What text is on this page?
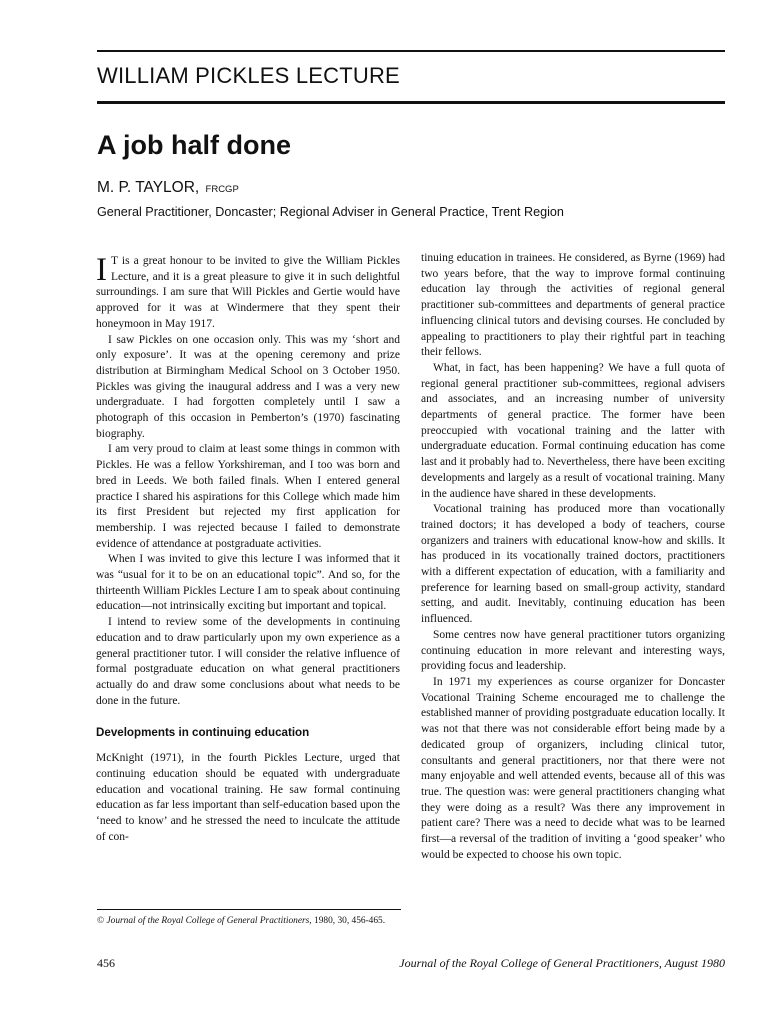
WILLIAM PICKLES LECTURE
A job half done
M. P. TAYLOR, FRCGP
General Practitioner, Doncaster; Regional Adviser in General Practice, Trent Region

I T is a great honour to be invited to give the William Pickles Lecture, and it is a great pleasure to give it in such delightful surroundings. I am sure that Will Pickles and Gertie would have approved for it was at Windermere that they spent their honeymoon in May 1917.

I saw Pickles on one occasion only. This was my ‘short and only exposure’. It was at the opening ceremony and prize distribution at Birmingham Medical School on 3 October 1950. Pickles was giving the inaugural address and I was a very new undergraduate. I had forgotten completely until I saw a photograph of this occasion in Pemberton’s (1970) fascinating biography.

I am very proud to claim at least some things in common with Pickles. He was a fellow Yorkshireman, and I too was born and bred in Leeds. We both failed finals. When I entered general practice I shared his aspirations for this College which made him its first President but rejected my first application for membership. I was rejected because I failed to demonstrate evidence of attendance at postgraduate activities.

When I was invited to give this lecture I was informed that it was “usual for it to be on an educational topic”. And so, for the thirteenth William Pickles Lecture I am to speak about continuing education—not intrinsically exciting but important and topical.

I intend to review some of the developments in continuing education and to draw particularly upon my own experience as a general practitioner tutor. I will consider the relative influence of formal postgraduate education on what general practitioners actually do and draw some conclusions about what needs to be done in the future.

Developments in continuing education

McKnight (1971), in the fourth Pickles Lecture, urged that continuing education should be equated with undergraduate education and vocational training. He saw formal continuing education as far less important than self-education based upon the ‘need to know’ and he stressed the need to inculcate the attitude of con-

tinuing education in trainees. He considered, as Byrne (1969) had two years before, that the way to improve formal continuing education lay through the activities of regional general practitioner sub-committees and departments of general practice influencing clinical tutors and devising courses. He concluded by appealing to practitioners to play their rightful part in teaching their fellows.

What, in fact, has been happening? We have a full quota of regional general practitioner sub-committees, regional advisers and associates, and an increasing number of university departments of general practice. The former have been preoccupied with vocational training and the latter with undergraduate education. Formal continuing education has come last and it probably had to. Nevertheless, there have been exciting developments and largely as a result of vocational training. Many in the audience have shared in these developments.

Vocational training has produced more than vocationally trained doctors; it has developed a body of teachers, course organizers and trainers with educational know-how and skills. It has produced in its vocationally trained doctors, practitioners with a different expectation of education, with a familiarity and preference for learning based on small-group activity, standard setting, and audit. Inevitably, continuing education has been influenced.

Some centres now have general practitioner tutors organizing continuing education in more relevant and interesting ways, providing focus and leadership.

In 1971 my experiences as course organizer for Doncaster Vocational Training Scheme encouraged me to challenge the established manner of providing postgraduate education locally. It was not that there was not considerable effort being made by a dedicated group of organizers, including clinical tutor, consultants and general practitioners, nor that there were not many enjoyable and well attended events, because all of this was true. The question was: were general practitioners changing what they were doing as a result? Was there any improvement in patient care? There was a need to decide what was to be learned first—a reversal of the tradition of inviting a ‘good speaker’ who would be expected to choose his own topic.

© Journal of the Royal College of General Practitioners, 1980, 30, 456-465.
456	Journal of the Royal College of General Practitioners, August 1980
